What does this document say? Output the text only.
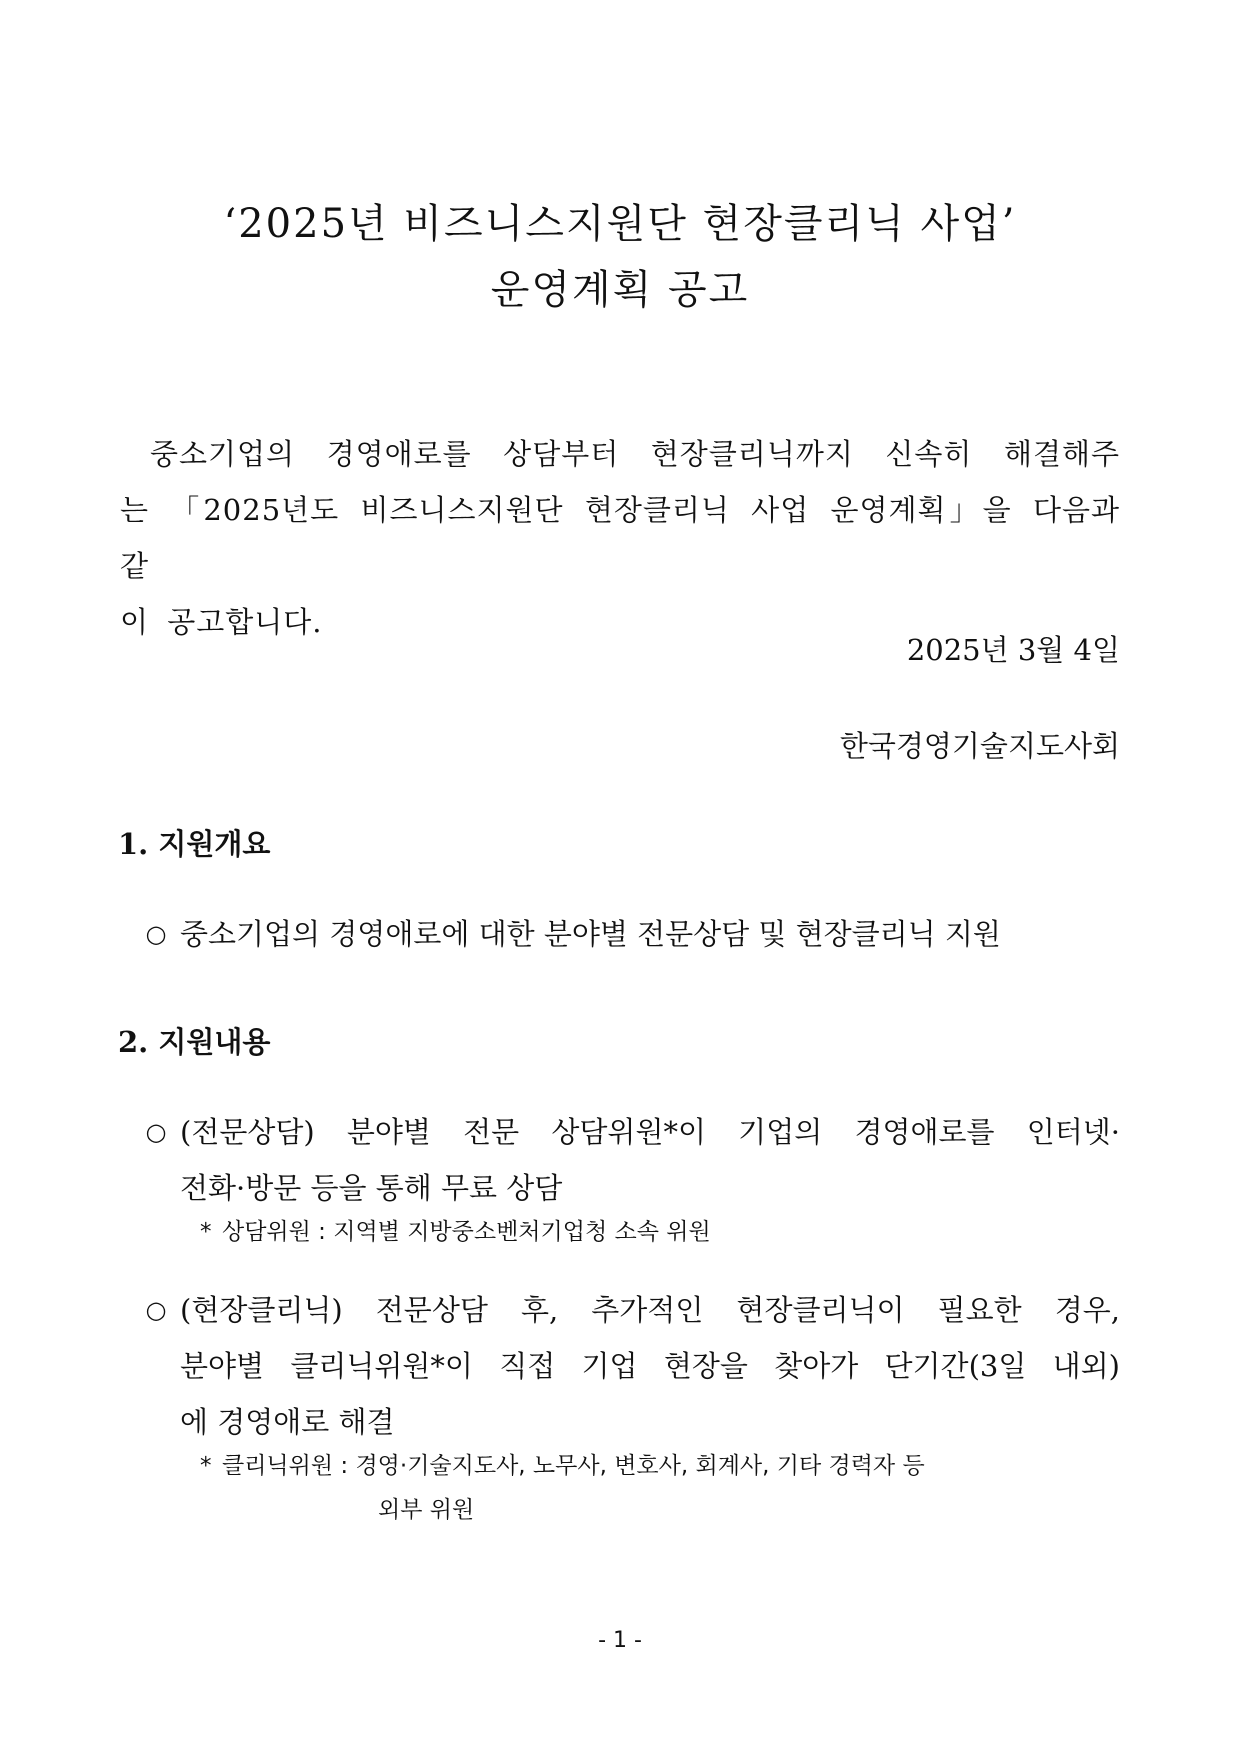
‘2025년 비즈니스지원단 현장클리닉 사업’
운영계획 공고
중소기업의 경영애로를 상담부터 현장클리닉까지 신속히 해결해주
는 「2025년도 비즈니스지원단 현장클리닉 사업 운영계획」을 다음과 같
이 공고합니다.
2025년 3월 4일
한국경영기술지도사회
1. 지원개요
○ 중소기업의 경영애로에 대한 분야별 전문상담 및 현장클리닉 지원
2. 지원내용
○ (전문상담) 분야별 전문 상담위원*이 기업의 경영애로를 인터넷·
전화·방문 등을 통해 무료 상담
* 상담위원 : 지역별 지방중소벤처기업청 소속 위원
○ (현장클리닉) 전문상담 후, 추가적인 현장클리닉이 필요한 경우,
분야별 클리닉위원*이 직접 기업 현장을 찾아가 단기간(3일 내외)
에 경영애로 해결
* 클리닉위원 : 경영·기술지도사, 노무사, 변호사, 회계사, 기타 경력자 등
외부 위원
- 1 -
